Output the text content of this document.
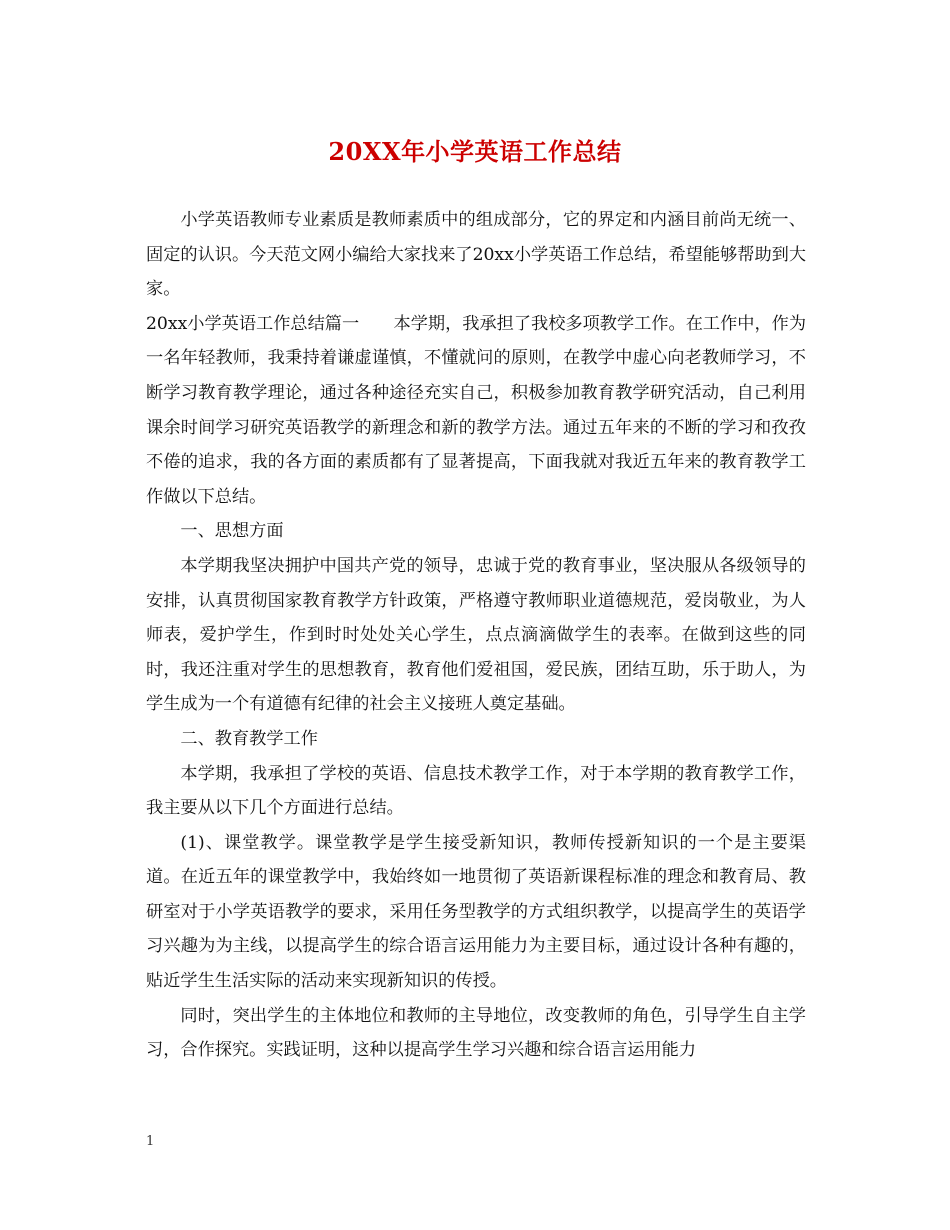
20XX年小学英语工作总结

小学英语教师专业素质是教师素质中的组成部分，它的界定和内涵目前尚无统一、固定的认识。今天范文网小编给大家找来了20xx小学英语工作总结，希望能够帮助到大家。

20xx小学英语工作总结篇一　　本学期，我承担了我校多项教学工作。在工作中，作为一名年轻教师，我秉持着谦虚谨慎，不懂就问的原则，在教学中虚心向老教师学习，不断学习教育教学理论，通过各种途径充实自己，积极参加教育教学研究活动，自己利用课余时间学习研究英语教学的新理念和新的教学方法。通过五年来的不断的学习和孜孜不倦的追求，我的各方面的素质都有了显著提高，下面我就对我近五年来的教育教学工作做以下总结。

一、思想方面

本学期我坚决拥护中国共产党的领导，忠诚于党的教育事业，坚决服从各级领导的安排，认真贯彻国家教育教学方针政策，严格遵守教师职业道德规范，爱岗敬业，为人师表，爱护学生，作到时时处处关心学生，点点滴滴做学生的表率。在做到这些的同时，我还注重对学生的思想教育，教育他们爱祖国，爱民族，团结互助，乐于助人，为学生成为一个有道德有纪律的社会主义接班人奠定基础。

二、教育教学工作

本学期，我承担了学校的英语、信息技术教学工作，对于本学期的教育教学工作，我主要从以下几个方面进行总结。

(1)、课堂教学。课堂教学是学生接受新知识，教师传授新知识的一个是主要渠道。在近五年的课堂教学中，我始终如一地贯彻了英语新课程标准的理念和教育局、教研室对于小学英语教学的要求，采用任务型教学的方式组织教学，以提高学生的英语学习兴趣为为主线，以提高学生的综合语言运用能力为主要目标，通过设计各种有趣的，贴近学生生活实际的活动来实现新知识的传授。

同时，突出学生的主体地位和教师的主导地位，改变教师的角色，引导学生自主学习，合作探究。实践证明，这种以提高学生学习兴趣和综合语言运用能力

1
